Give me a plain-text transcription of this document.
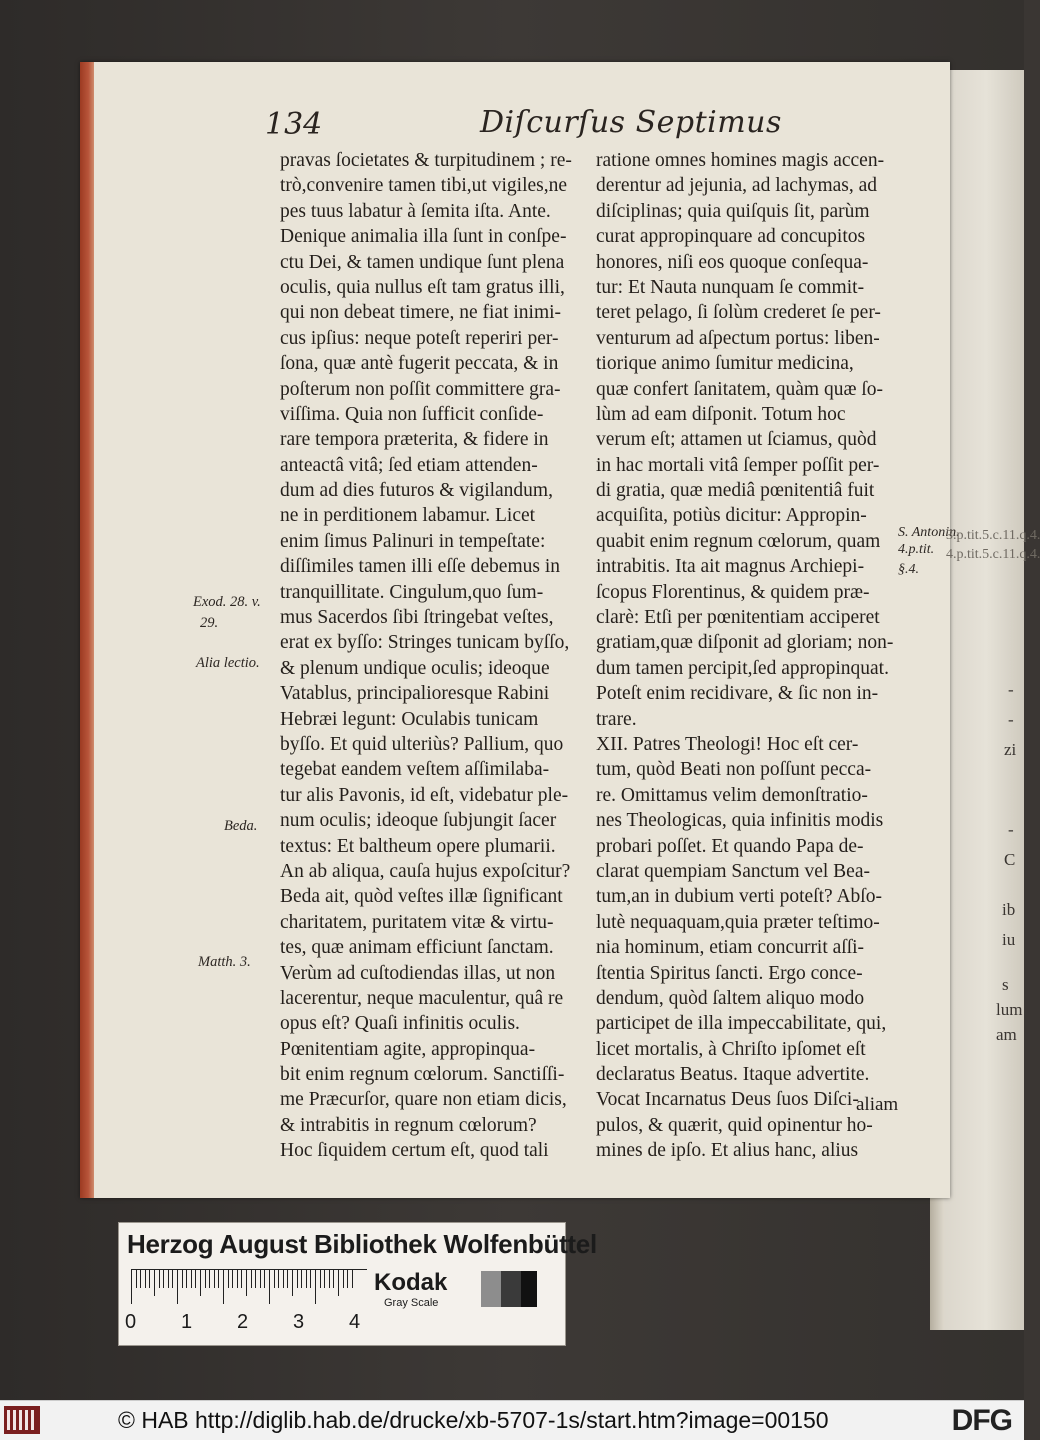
134	Diſcurſus Septimus
pravas ſocietates & turpitudinem ; re-
trò,convenire tamen tibi,ut vigiles,ne
pes tuus labatur à ſemita iſta. Ante.
Denique animalia illa ſunt in conſpe-
ctu Dei, & tamen undique ſunt plena
oculis, quia nullus eſt tam gratus illi,
qui non debeat timere, ne fiat inimi-
cus ipſius: neque poteſt reperiri per-
ſona, quæ antè fugerit peccata, & in
poſterum non poſſit committere gra-
viſſima. Quia non ſufficit conſide-
rare tempora præterita, & fidere in
anteactâ vitâ; ſed etiam attenden-
dum ad dies futuros & vigilandum,
ne in perditionem labamur. Licet
enim ſimus Palinuri in tempeſtate:
diſſimiles tamen illi eſſe debemus in
tranquillitate. Cingulum,quo ſum-
mus Sacerdos ſibi ſtringebat veſtes,
erat ex byſſo: Stringes tunicam byſſo,
& plenum undique oculis; ideoque
Vatablus, principalioresque Rabini
Hebræi legunt: Oculabis tunicam
byſſo. Et quid ulteriùs? Pallium, quo
tegebat eandem veſtem aſſimilaba-
tur alis Pavonis, id eſt, videbatur ple-
num oculis; ideoque ſubjungit ſacer
textus: Et baltheum opere plumarii.
An ab aliqua, cauſa hujus expoſcitur?
Beda ait, quòd veſtes illæ ſignificant
charitatem, puritatem vitæ & virtu-
tes, quæ animam efficiunt ſanctam.
Verùm ad cuſtodiendas illas, ut non
lacerentur, neque maculentur, quâ re
opus eſt? Quaſi infinitis oculis.
Pœnitentiam agite, appropinqua-
bit enim regnum cœlorum. Sanctiſſi-
me Præcurſor, quare non etiam dicis,
& intrabitis in regnum cœlorum?
Hoc ſiquidem certum eſt, quod tali
ratione omnes homines magis accen-
derentur ad jejunia, ad lachymas, ad
diſciplinas; quia quiſquis ſit, parùm
curat appropinquare ad concupitos
honores, niſi eos quoque conſequa-
tur: Et Nauta nunquam ſe commit-
teret pelago, ſi ſolùm crederet ſe per-
venturum ad aſpectum portus: liben-
tiorique animo ſumitur medicina,
quæ confert ſanitatem, quàm quæ ſo-
lùm ad eam diſponit. Totum hoc
verum eſt; attamen ut ſciamus, quòd
in hac mortali vitâ ſemper poſſit per-
di gratia, quæ mediâ pœnitentiâ fuit
acquiſita, potiùs dicitur: Appropin-
quabit enim regnum cœlorum, quam
intrabitis. Ita ait magnus Archiepi-
ſcopus Florentinus, & quidem præ-
clarè: Etſi per pœnitentiam acciperet
gratiam,quæ diſponit ad gloriam; non-
dum tamen percipit,ſed appropinquat.
Poteſt enim recidivare, & ſic non in-
trare.
XII. Patres Theologi! Hoc eſt cer-
tum, quòd Beati non poſſunt pecca-
re. Omittamus velim demonſtratio-
nes Theologicas, quia infinitis modis
probari poſſet. Et quando Papa de-
clarat quempiam Sanctum vel Bea-
tum,an in dubium verti poteſt? Abſo-
lutè nequaquam,quia præter teſtimo-
nia hominum, etiam concurrit aſſi-
ſtentia Spiritus ſancti. Ergo conce-
dendum, quòd ſaltem aliquo modo
participet de illa impeccabilitate, qui,
licet mortalis, à Chriſto ipſomet eſt
declaratus Beatus. Itaque advertite.
Vocat Incarnatus Deus ſuos Diſci-
pulos, & quærit, quid opinentur ho-
mines de ipſo. Et alius hanc, alius
aliam
Exod. 28. v.
29.
Alia lectio.
Beda.
Matth. 3.
S. Antonin.
4.p.tit.
§.4.
3.p.tit.5.c.11.q.4.
4.p.tit.5.c.11.q.4.
-
-
zi
-
C
ib
iu
s
lum
am
Herzog August Bibliothek Wolfenbüttel
0 1 2 3 4
Kodak
Gray Scale
© HAB http://diglib.hab.de/drucke/xb-5707-1s/start.htm?image=00150	DFG
